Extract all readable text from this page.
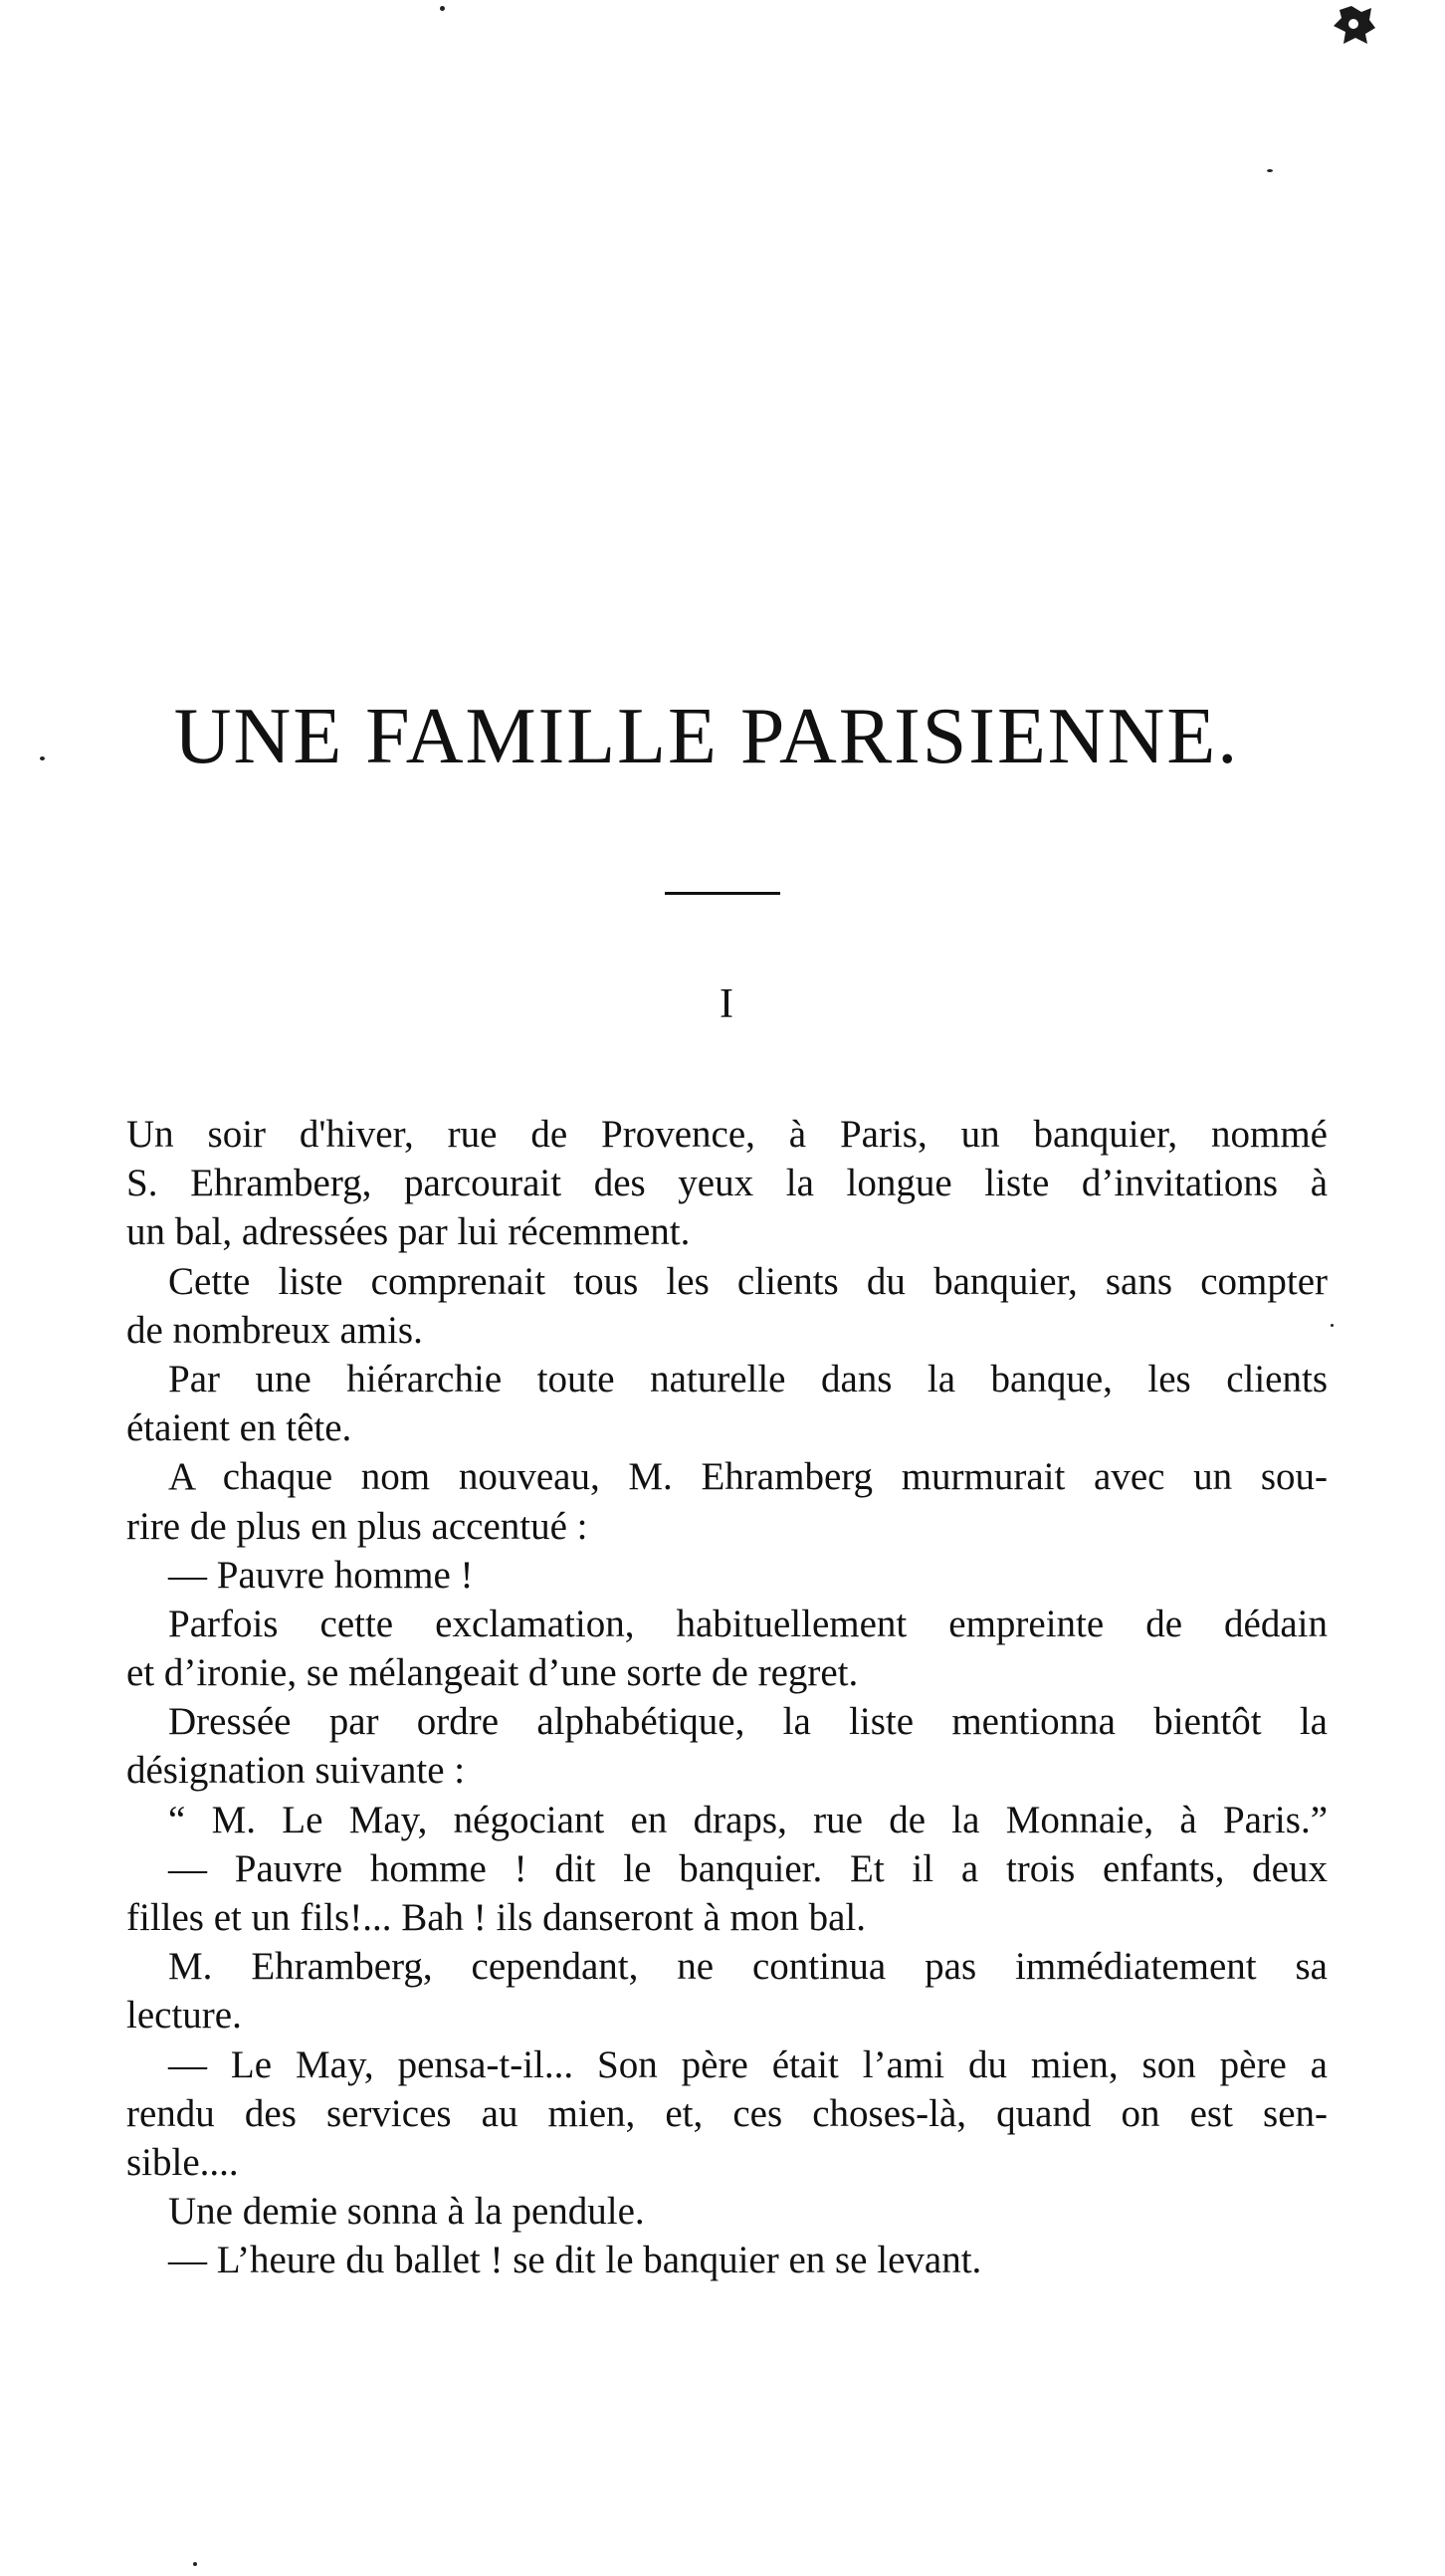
UNE FAMILLE PARISIENNE.
I
Un soir d'hiver, rue de Provence, à Paris, un banquier, nommé
S. Ehramberg, parcourait des yeux la longue liste d’invitations à
un bal, adressées par lui récemment.
Cette liste comprenait tous les clients du banquier, sans compter
de nombreux amis.
Par une hiérarchie toute naturelle dans la banque, les clients
étaient en tête.
A chaque nom nouveau, M. Ehramberg murmurait avec un sou-
rire de plus en plus accentué :
— Pauvre homme !
Parfois cette exclamation, habituellement empreinte de dédain
et d’ironie, se mélangeait d’une sorte de regret.
Dressée par ordre alphabétique, la liste mentionna bientôt la
désignation suivante :
“ M. Le May, négociant en draps, rue de la Monnaie, à Paris.”
— Pauvre homme ! dit le banquier. Et il a trois enfants, deux
filles et un fils!... Bah ! ils danseront à mon bal.
M. Ehramberg, cependant, ne continua pas immédiatement sa
lecture.
— Le May, pensa-t-il... Son père était l’ami du mien, son père a
rendu des services au mien, et, ces choses-là, quand on est sen-
sible....
Une demie sonna à la pendule.
— L’heure du ballet ! se dit le banquier en se levant.
